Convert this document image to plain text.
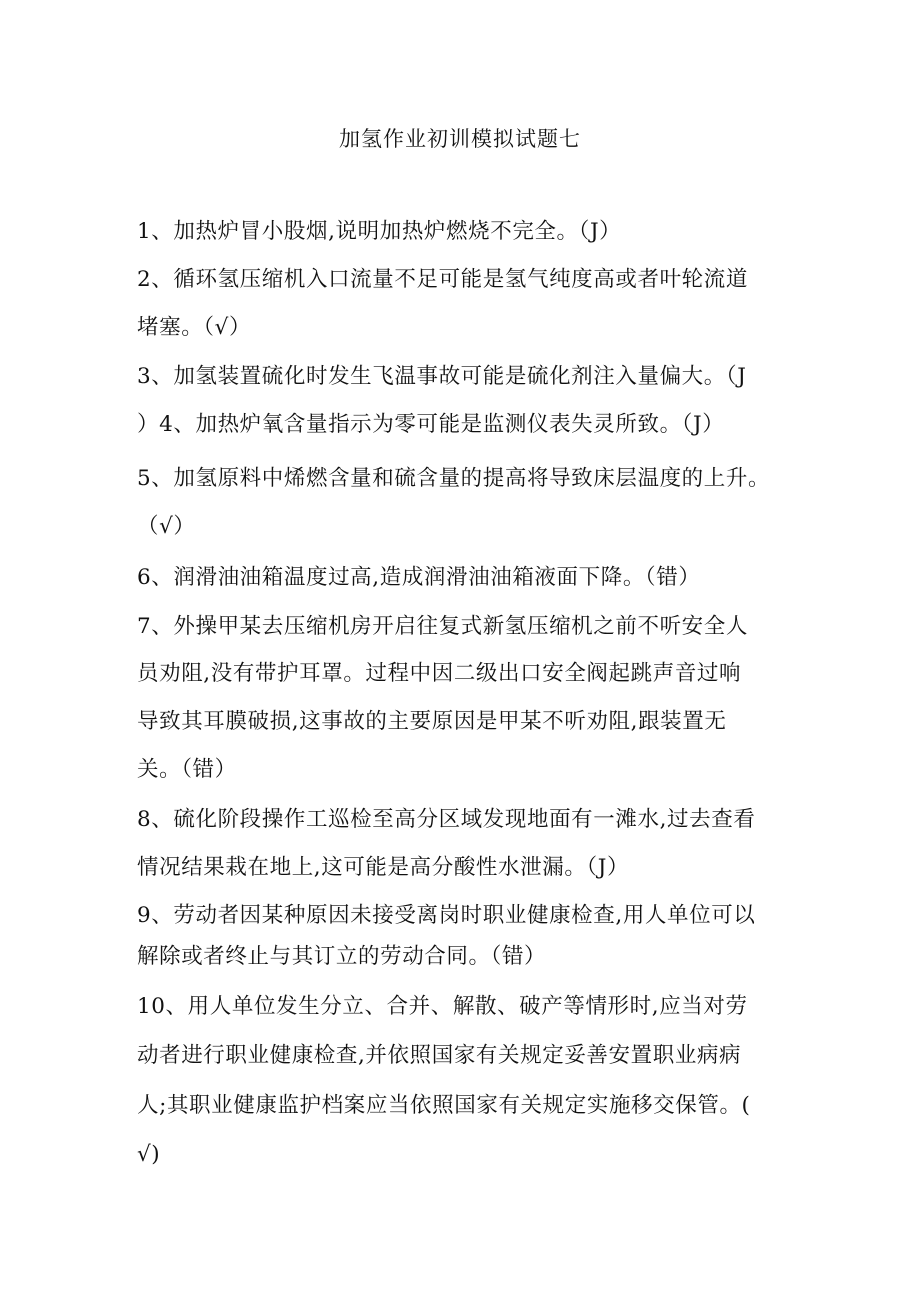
加氢作业初训模拟试题七
1、加热炉冒小股烟,说明加热炉燃烧不完全。（J）
2、循环氢压缩机入口流量不足可能是氢气纯度高或者叶轮流道
堵塞。（√）
3、加氢装置硫化时发生飞温事故可能是硫化剂注入量偏大。（J
）4、加热炉氧含量指示为零可能是监测仪表失灵所致。（J）
5、加氢原料中烯燃含量和硫含量的提高将导致床层温度的上升。
（√）
6、润滑油油箱温度过高,造成润滑油油箱液面下降。（错）
7、外操甲某去压缩机房开启往复式新氢压缩机之前不听安全人
员劝阻,没有带护耳罩。过程中因二级出口安全阀起跳声音过响
导致其耳膜破损,这事故的主要原因是甲某不听劝阻,跟装置无
关。（错）
8、硫化阶段操作工巡检至高分区域发现地面有一滩水,过去查看
情况结果栽在地上,这可能是高分酸性水泄漏。（J）
9、劳动者因某种原因未接受离岗时职业健康检查,用人单位可以
解除或者终止与其订立的劳动合同。（错）
10、用人单位发生分立、合并、解散、破产等情形时,应当对劳
动者进行职业健康检查,并依照国家有关规定妥善安置职业病病
人;其职业健康监护档案应当依照国家有关规定实施移交保管。(
√)
